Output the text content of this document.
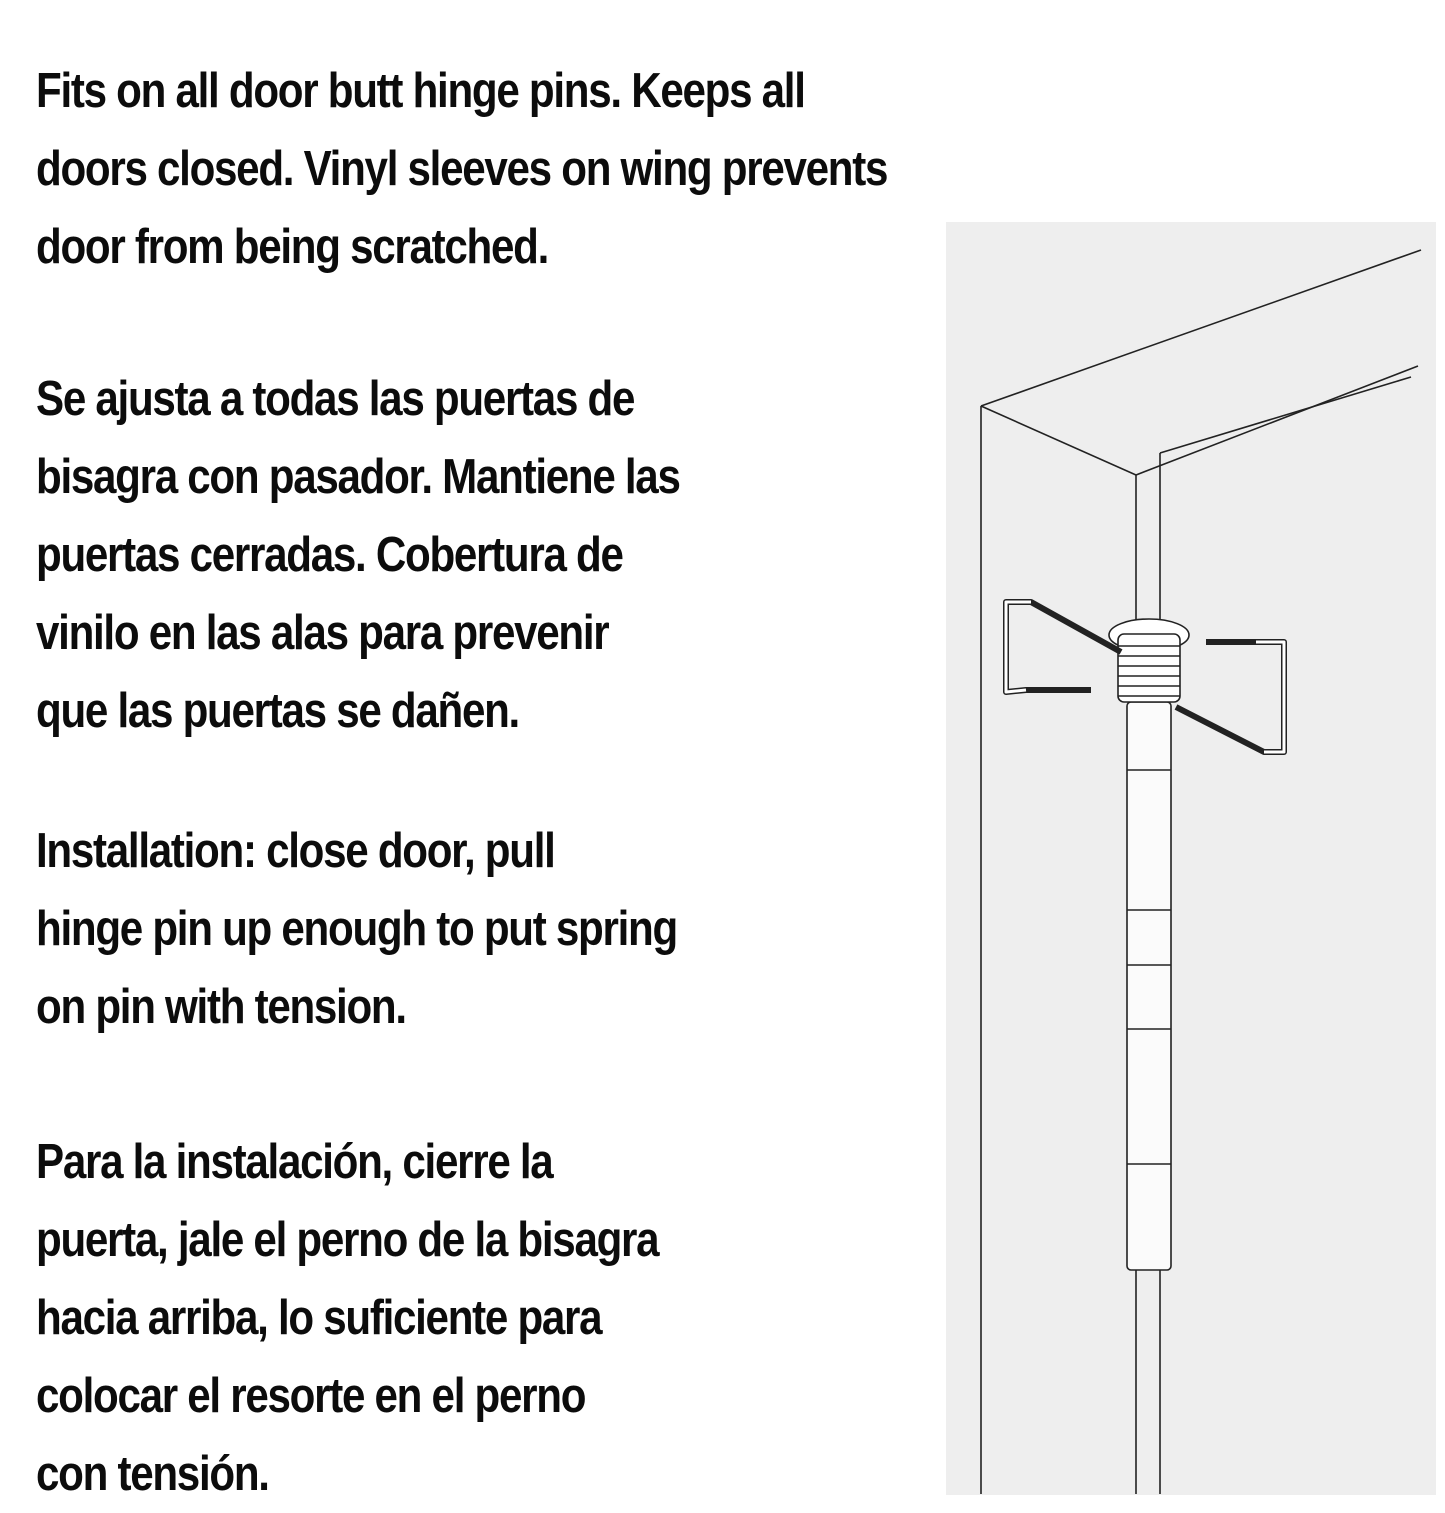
Fits on all door butt hinge pins. Keeps all
doors closed. Vinyl sleeves on wing prevents
door from being scratched.

Se ajusta a todas las puertas de
bisagra con pasador. Mantiene las
puertas cerradas. Cobertura de
vinilo en las alas para prevenir
que las puertas se dañen.

Installation: close door, pull
hinge pin up enough to put spring
on pin with tension.

Para la instalación, cierre la
puerta, jale el perno de la bisagra
hacia arriba, lo suficiente para
colocar el resorte en el perno
con tensión.
